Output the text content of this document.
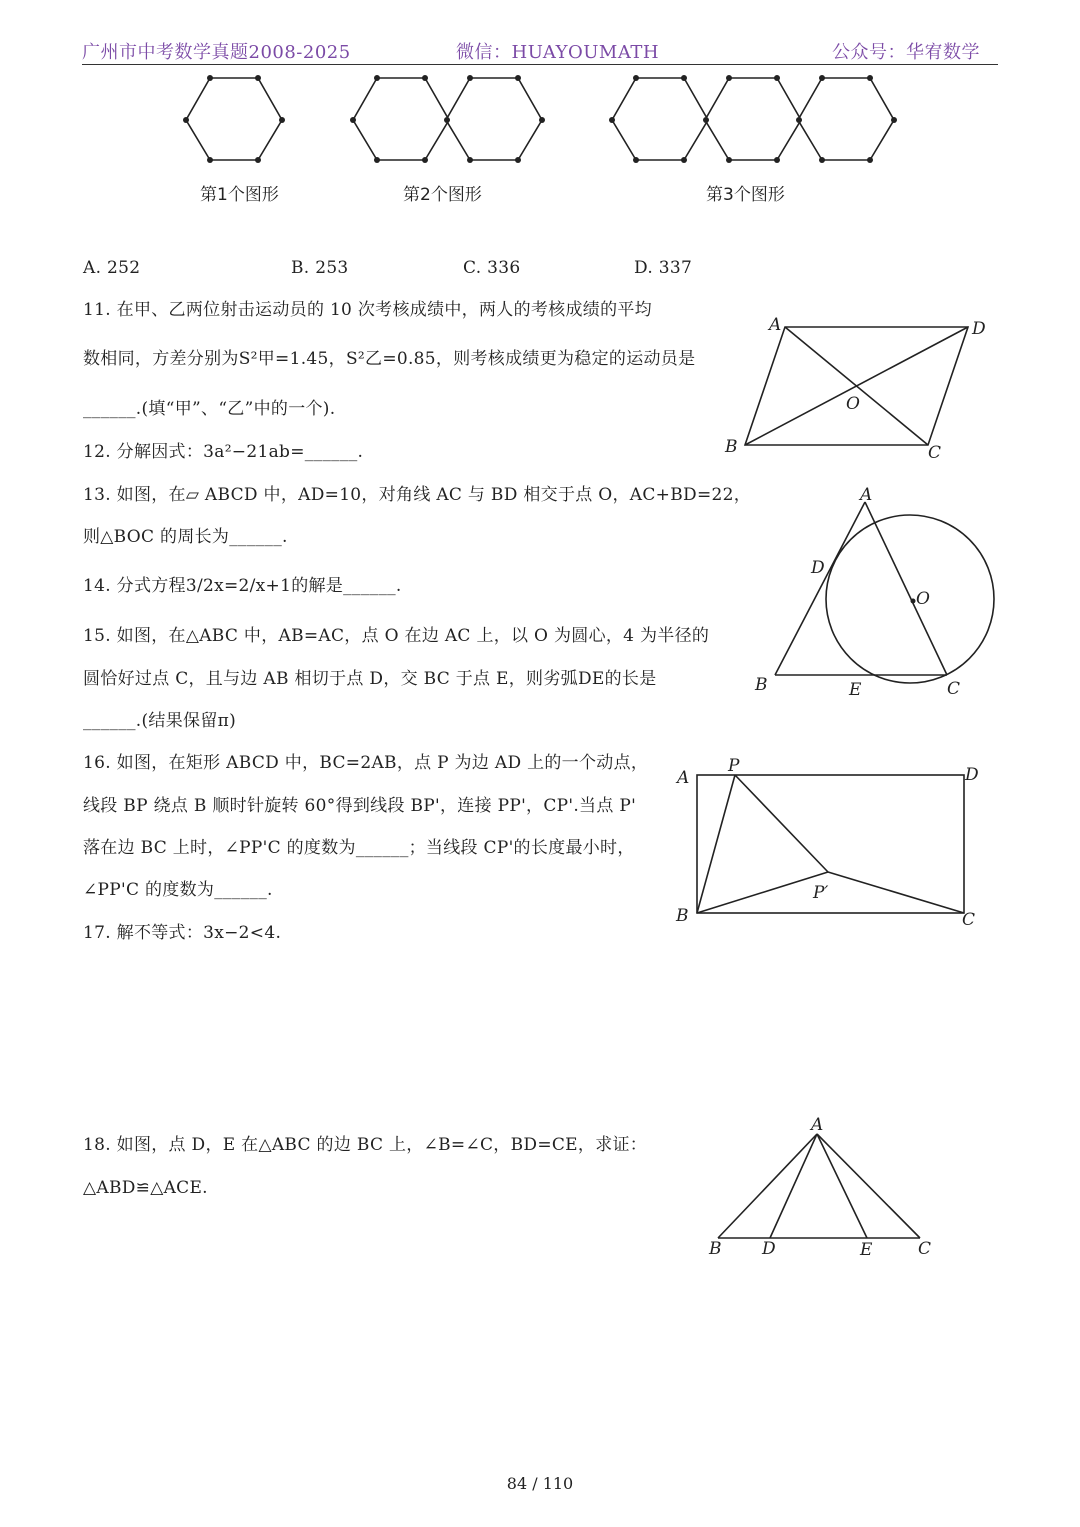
广州市中考数学真题2008-2025	微信：HUAYOUMATH	公众号：华宥数学
第1个图形	第2个图形	第3个图形
A. 252	B. 253	C. 336	D. 337
11. 在甲、乙两位射击运动员的 10 次考核成绩中，两人的考核成绩的平均
数相同，方差分别为S²甲=1.45，S²乙=0.85，则考核成绩更为稳定的运动员是
______.(填“甲”、“乙”中的一个).
12. 分解因式：3a²−21ab=______.
13. 如图，在▱ ABCD 中，AD=10，对角线 AC 与 BD 相交于点 O，AC+BD=22，
则△BOC 的周长为______.
14. 分式方程3/2x=2/x+1的解是______.
15. 如图，在△ABC 中，AB=AC，点 O 在边 AC 上，以 O 为圆心，4 为半径的
圆恰好过点 C，且与边 AB 相切于点 D，交 BC 于点 E，则劣弧DE的长是
______.(结果保留π)
16. 如图，在矩形 ABCD 中，BC=2AB，点 P 为边 AD 上的一个动点，
线段 BP 绕点 B 顺时针旋转 60°得到线段 BP'，连接 PP'，CP'.当点 P'
落在边 BC 上时，∠PP'C 的度数为______；当线段 CP'的长度最小时，
∠PP'C 的度数为______.
17. 解不等式：3x−2<4.
18. 如图，点 D，E 在△ABC 的边 BC 上，∠B=∠C，BD=CE，求证：
△ABD≌△ACE.
A	D
O
B	C
A
D
O
B	E	C
A
P	D
P′
B	C
A
B D	E	C
84 / 110
